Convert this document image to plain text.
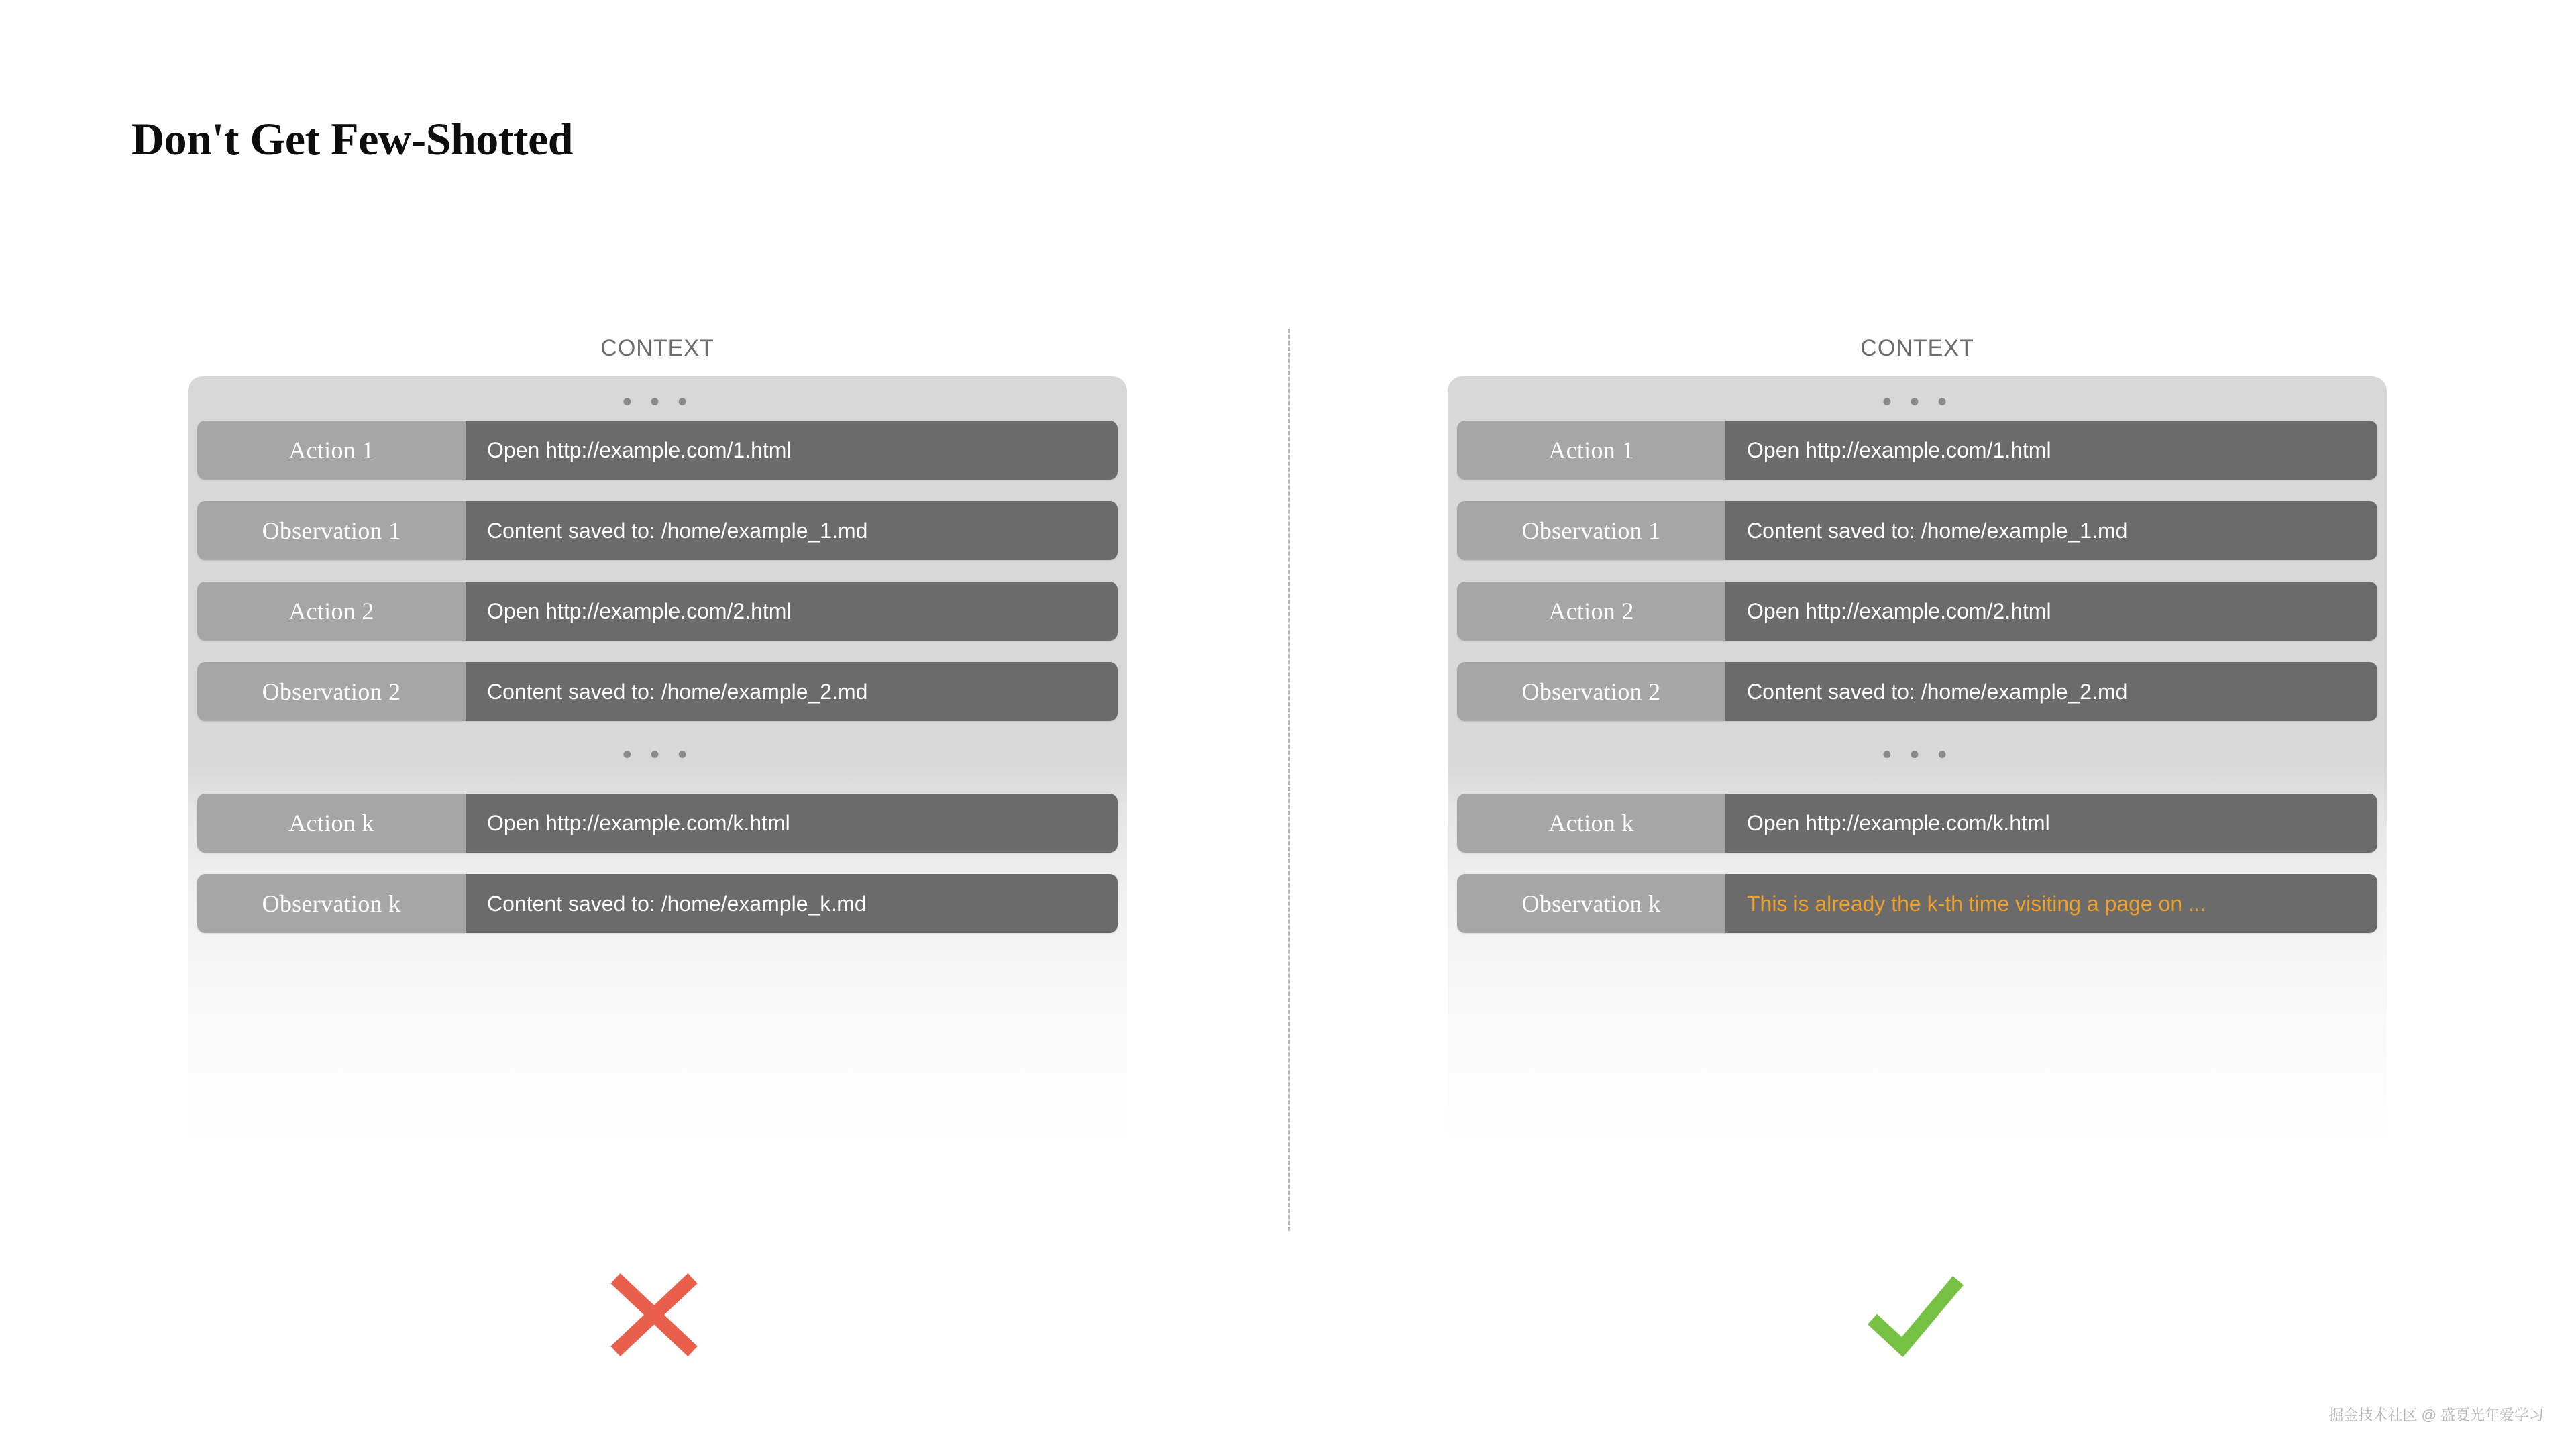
Don't Get Few-Shotted
CONTEXT
• • •
Action 1	Open http://example.com/1.html
Observation 1	Content saved to: /home/example_1.md
Action 2	Open http://example.com/2.html
Observation 2	Content saved to: /home/example_2.md
• • •
Action k	Open http://example.com/k.html
Observation k	Content saved to: /home/example_k.md
CONTEXT
• • •
Action 1	Open http://example.com/1.html
Observation 1	Content saved to: /home/example_1.md
Action 2	Open http://example.com/2.html
Observation 2	Content saved to: /home/example_2.md
• • •
Action k	Open http://example.com/k.html
Observation k	This is already the k-th time visiting a page on ...
掘金技术社区 @ 盛夏光年爱学习
